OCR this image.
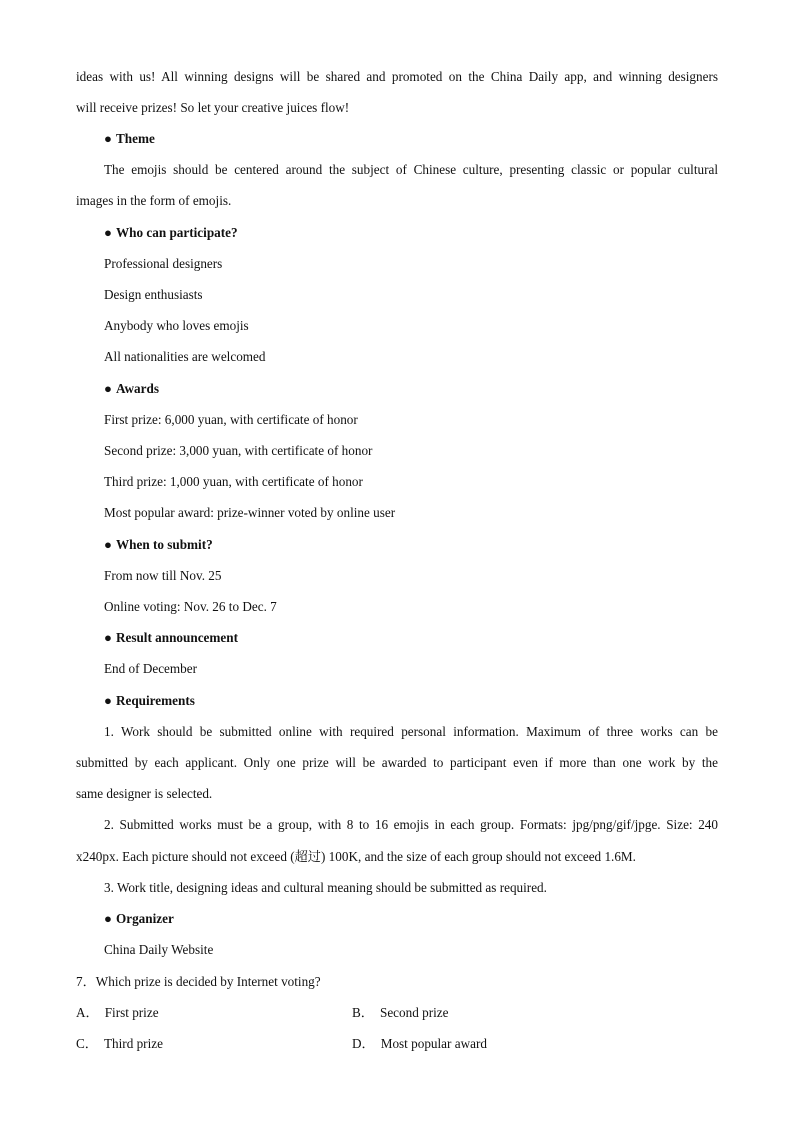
ideas with us! All winning designs will be shared and promoted on the China Daily app, and winning designers
will receive prizes! So let your creative juices flow!
● Theme
The emojis should be centered around the subject of Chinese culture, presenting classic or popular cultural
images in the form of emojis.
● Who can participate?
Professional designers
Design enthusiasts
Anybody who loves emojis
All nationalities are welcomed
● Awards
First prize: 6,000 yuan, with certificate of honor
Second prize: 3,000 yuan, with certificate of honor
Third prize: 1,000 yuan, with certificate of honor
Most popular award: prize-winner voted by online user
● When to submit?
From now till Nov. 25
Online voting: Nov. 26 to Dec. 7
● Result announcement
End of December
● Requirements
1. Work should be submitted online with required personal information. Maximum of three works can be
submitted by each applicant. Only one prize will be awarded to participant even if more than one work by the
same designer is selected.
2. Submitted works must be a group, with 8 to 16 emojis in each group. Formats: jpg/png/gif/jpge. Size: 240
x240px. Each picture should not exceed (超过) 100K, and the size of each group should not exceed 1.6M.
3. Work title, designing ideas and cultural meaning should be submitted as required.
● Organizer
China Daily Website
7．Which prize is decided by Internet voting?
A． First prize	B． Second prize
C． Third prize	D． Most popular award
